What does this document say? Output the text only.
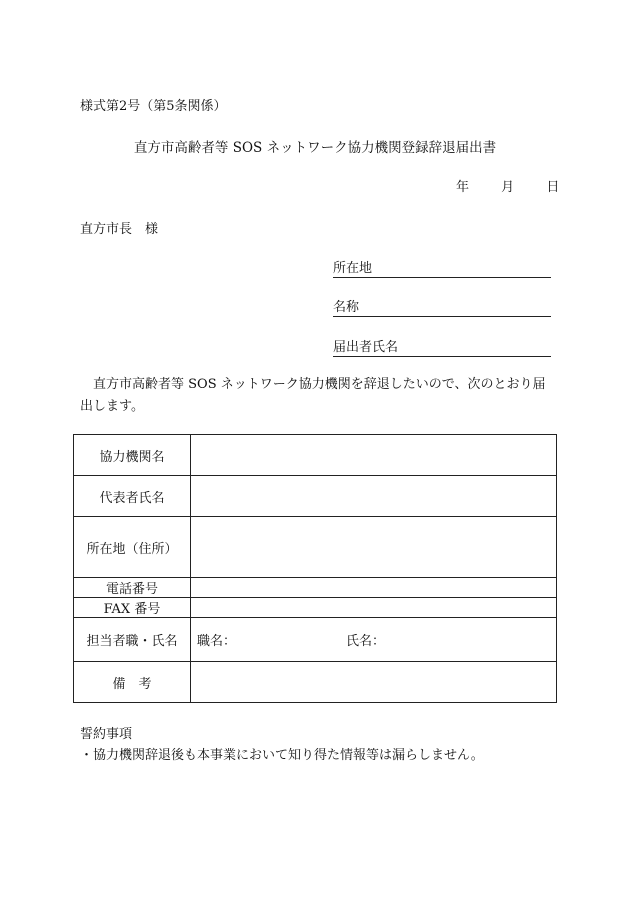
様式第2号（第5条関係）
直方市高齢者等 SOS ネットワーク協力機関登録辞退届出書
年 月 日
直方市長　様
所在地
名称
届出者氏名
直方市高齢者等 SOS ネットワーク協力機関を辞退したいので、次のとおり届出します。
協力機関名	
代表者氏名	
所在地（住所）	
電話番号	
FAX 番号	
担当者職・氏名	職名： 氏名：
備　考	
誓約事項
・協力機関辞退後も本事業において知り得た情報等は漏らしません。
